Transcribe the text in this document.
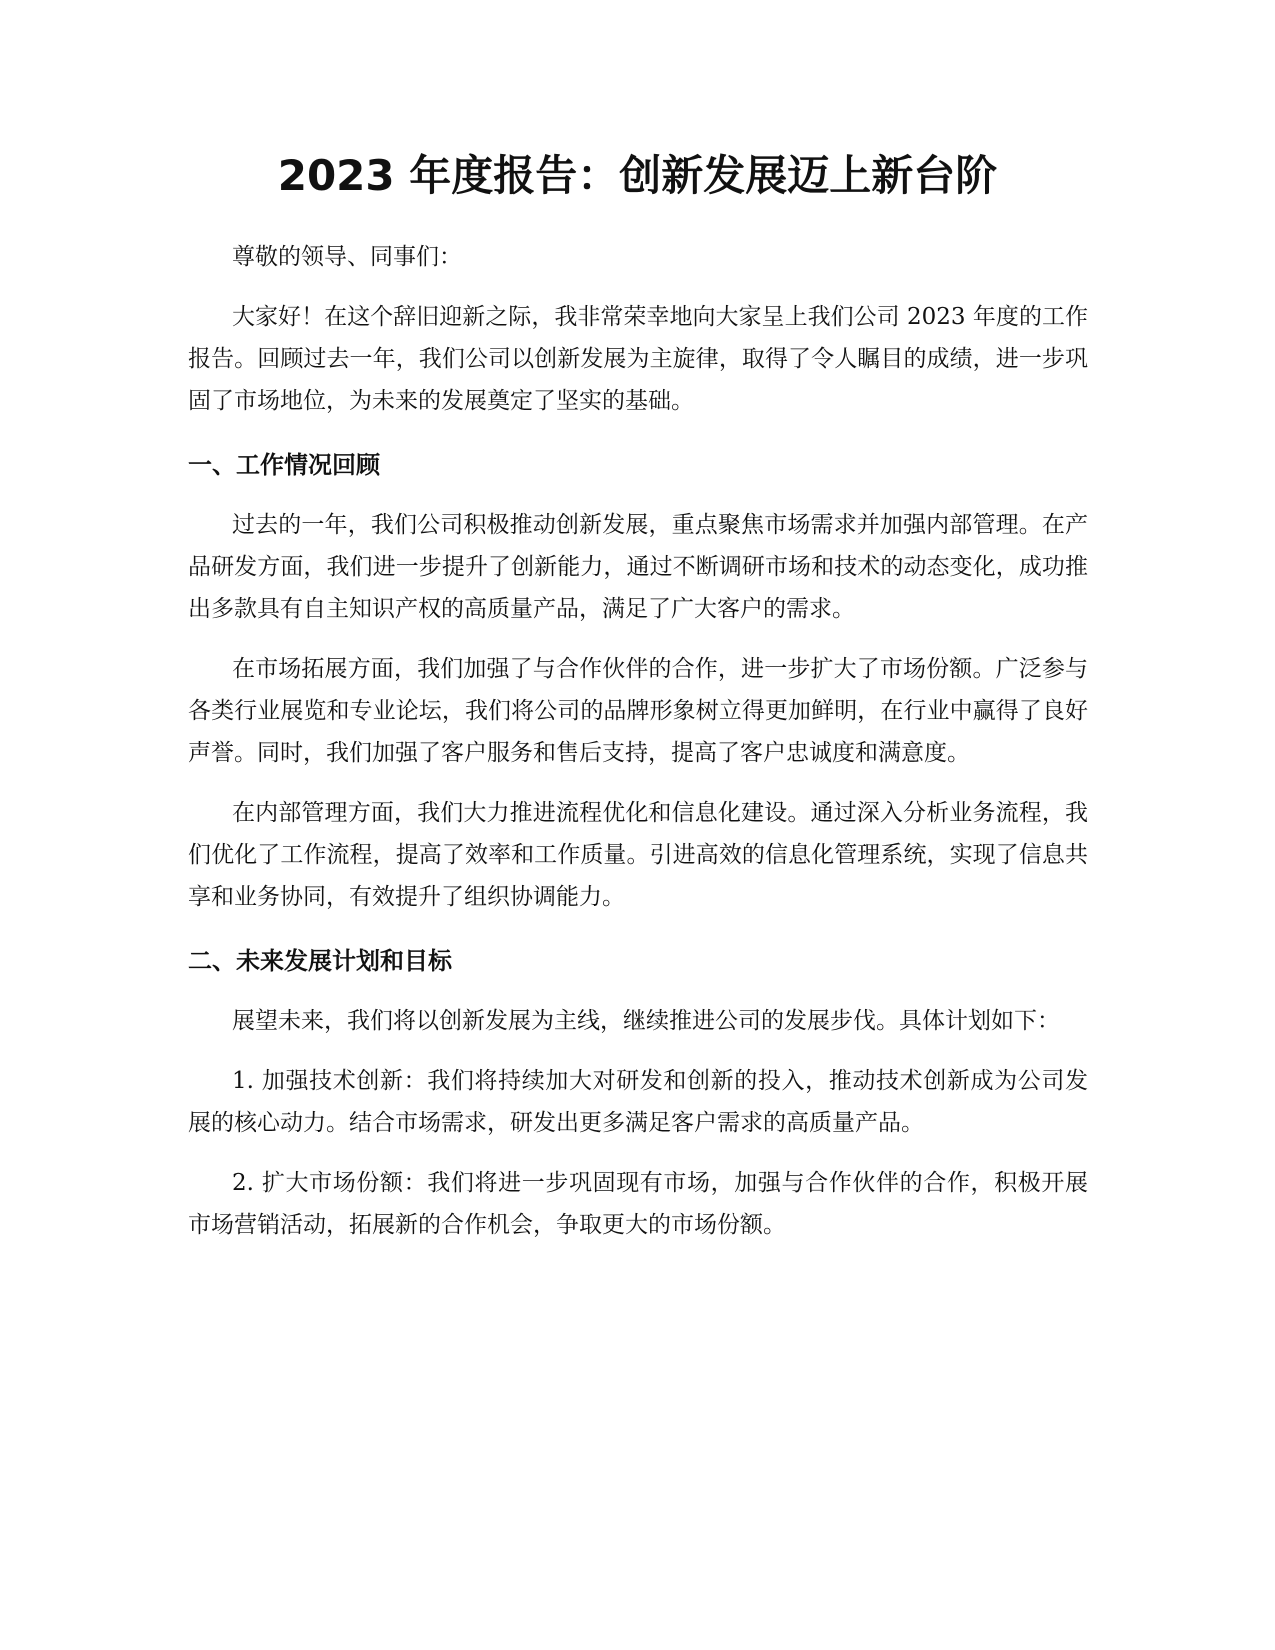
2023 年度报告：创新发展迈上新台阶

尊敬的领导、同事们：

大家好！在这个辞旧迎新之际，我非常荣幸地向大家呈上我们公司 2023 年度的工作报告。回顾过去一年，我们公司以创新发展为主旋律，取得了令人瞩目的成绩，进一步巩固了市场地位，为未来的发展奠定了坚实的基础。

一、工作情况回顾

过去的一年，我们公司积极推动创新发展，重点聚焦市场需求并加强内部管理。在产品研发方面，我们进一步提升了创新能力，通过不断调研市场和技术的动态变化，成功推出多款具有自主知识产权的高质量产品，满足了广大客户的需求。

在市场拓展方面，我们加强了与合作伙伴的合作，进一步扩大了市场份额。广泛参与各类行业展览和专业论坛，我们将公司的品牌形象树立得更加鲜明，在行业中赢得了良好声誉。同时，我们加强了客户服务和售后支持，提高了客户忠诚度和满意度。

在内部管理方面，我们大力推进流程优化和信息化建设。通过深入分析业务流程，我们优化了工作流程，提高了效率和工作质量。引进高效的信息化管理系统，实现了信息共享和业务协同，有效提升了组织协调能力。

二、未来发展计划和目标

展望未来，我们将以创新发展为主线，继续推进公司的发展步伐。具体计划如下：

1. 加强技术创新：我们将持续加大对研发和创新的投入，推动技术创新成为公司发展的核心动力。结合市场需求，研发出更多满足客户需求的高质量产品。

2. 扩大市场份额：我们将进一步巩固现有市场，加强与合作伙伴的合作，积极开展市场营销活动，拓展新的合作机会，争取更大的市场份额。
